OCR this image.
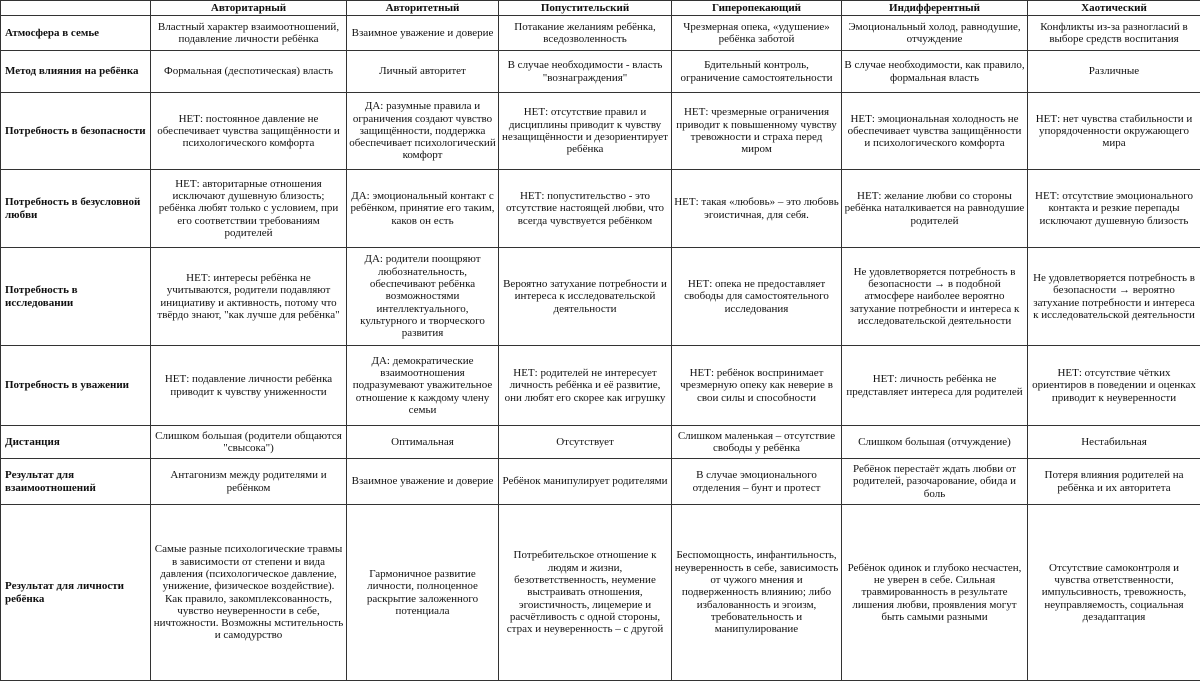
	Авторитарный	Авторитетный	Попустительский	Гиперопекающий	Индифферентный	Хаотический
Атмосфера в семье	Властный характер взаимоотношений, подавление личности ребёнка	Взаимное уважение и доверие	Потакание желаниям ребёнка, вседозволенность	Чрезмерная опека, «удушение» ребёнка заботой	Эмоциональный холод, равнодушие, отчуждение	Конфликты из-за разногласий в выборе средств воспитания
Метод влияния на ребёнка	Формальная (деспотическая) власть	Личный авторитет	В случае необходимости - власть "вознаграждения"	Бдительный контроль, ограничение самостоятельности	В случае необходимости, как правило, формальная власть	Различные
Потребность в безопасности	НЕТ: постоянное давление не обеспечивает чувства защищённости и психологического комфорта	ДА: разумные правила и ограничения создают чувство защищённости, поддержка обеспечивает психологический комфорт	НЕТ: отсутствие правил и дисциплины приводит к чувству незащищённости и дезориентирует ребёнка	НЕТ: чрезмерные ограничения приводит к повышенному чувству тревожности и страха перед миром	НЕТ: эмоциональная холодность не обеспечивает чувства защищённости и психологического комфорта	НЕТ: нет чувства стабильности и упорядоченности окружающего мира
Потребность в безусловной любви	НЕТ: авторитарные отношения исключают душевную близость; ребёнка любят только с условием, при его соответствии требованиям родителей	ДА: эмоциональный контакт с ребёнком, принятие его таким, каков он есть	НЕТ: попустительство - это отсутствие настоящей любви, что всегда чувствуется ребёнком	НЕТ: такая «любовь» – это любовь эгоистичная, для себя.	НЕТ: желание любви со стороны ребёнка наталкивается на равнодушие родителей	НЕТ: отсутствие эмоционального контакта и резкие перепады исключают душевную близость
Потребность в исследовании	НЕТ: интересы ребёнка не учитываются, родители подавляют инициативу и активность, потому что твёрдо знают, "как лучше для ребёнка"	ДА: родители поощряют любознательность, обеспечивают ребёнка возможностями интеллектуального, культурного и творческого развития	Вероятно затухание потребности и интереса к исследовательской деятельности	НЕТ: опека не предоставляет свободы для самостоятельного исследования	Не удовлетворяется потребность в безопасности → в подобной атмосфере наиболее вероятно затухание потребности и интереса к исследовательской деятельности	Не удовлетворяется потребность в безопасности → вероятно затухание потребности и интереса к исследовательской деятельности
Потребность в уважении	НЕТ: подавление личности ребёнка приводит к чувству униженности	ДА: демократические взаимоотношения подразумевают уважительное отношение к каждому члену семьи	НЕТ: родителей не интересует личность ребёнка и её развитие, они любят его скорее как игрушку	НЕТ: ребёнок воспринимает чрезмерную опеку как неверие в свои силы и способности	НЕТ: личность ребёнка не представляет интереса для родителей	НЕТ: отсутствие чётких ориентиров в поведении и оценках приводит к неуверенности
Дистанция	Слишком большая (родители общаются "свысока")	Оптимальная	Отсутствует	Слишком маленькая – отсутствие свободы у ребёнка	Слишком большая (отчуждение)	Нестабильная
Результат для взаимоотношений	Антагонизм между родителями и ребёнком	Взаимное уважение и доверие	Ребёнок манипулирует родителями	В случае эмоционального отделения – бунт и протест	Ребёнок перестаёт ждать любви от родителей, разочарование, обида и боль	Потеря влияния родителей на ребёнка и их авторитета
Результат для личности ребёнка	Самые разные психологические травмы в зависимости от степени и вида давления (психологическое давление, унижение, физическое воздействие). Как правило, закомплексованность, чувство неуверенности в себе, ничтожности. Возможны мстительность и самодурство	Гармоничное развитие личности, полноценное раскрытие заложенного потенциала	Потребительское отношение к людям и жизни, безответственность, неумение выстраивать отношения, эгоистичность, лицемерие и расчётливость с одной стороны, страх и неуверенность – с другой	Беспомощность, инфантильность, неуверенность в себе, зависимость от чужого мнения и подверженность влиянию; либо избалованность и эгоизм, требовательность и манипулирование	Ребёнок одинок и глубоко несчастен, не уверен в себе. Сильная травмированность в результате лишения любви, проявления могут быть самыми разными	Отсутствие самоконтроля и чувства ответственности, импульсивность, тревожность, неуправляемость, социальная дезадаптация
